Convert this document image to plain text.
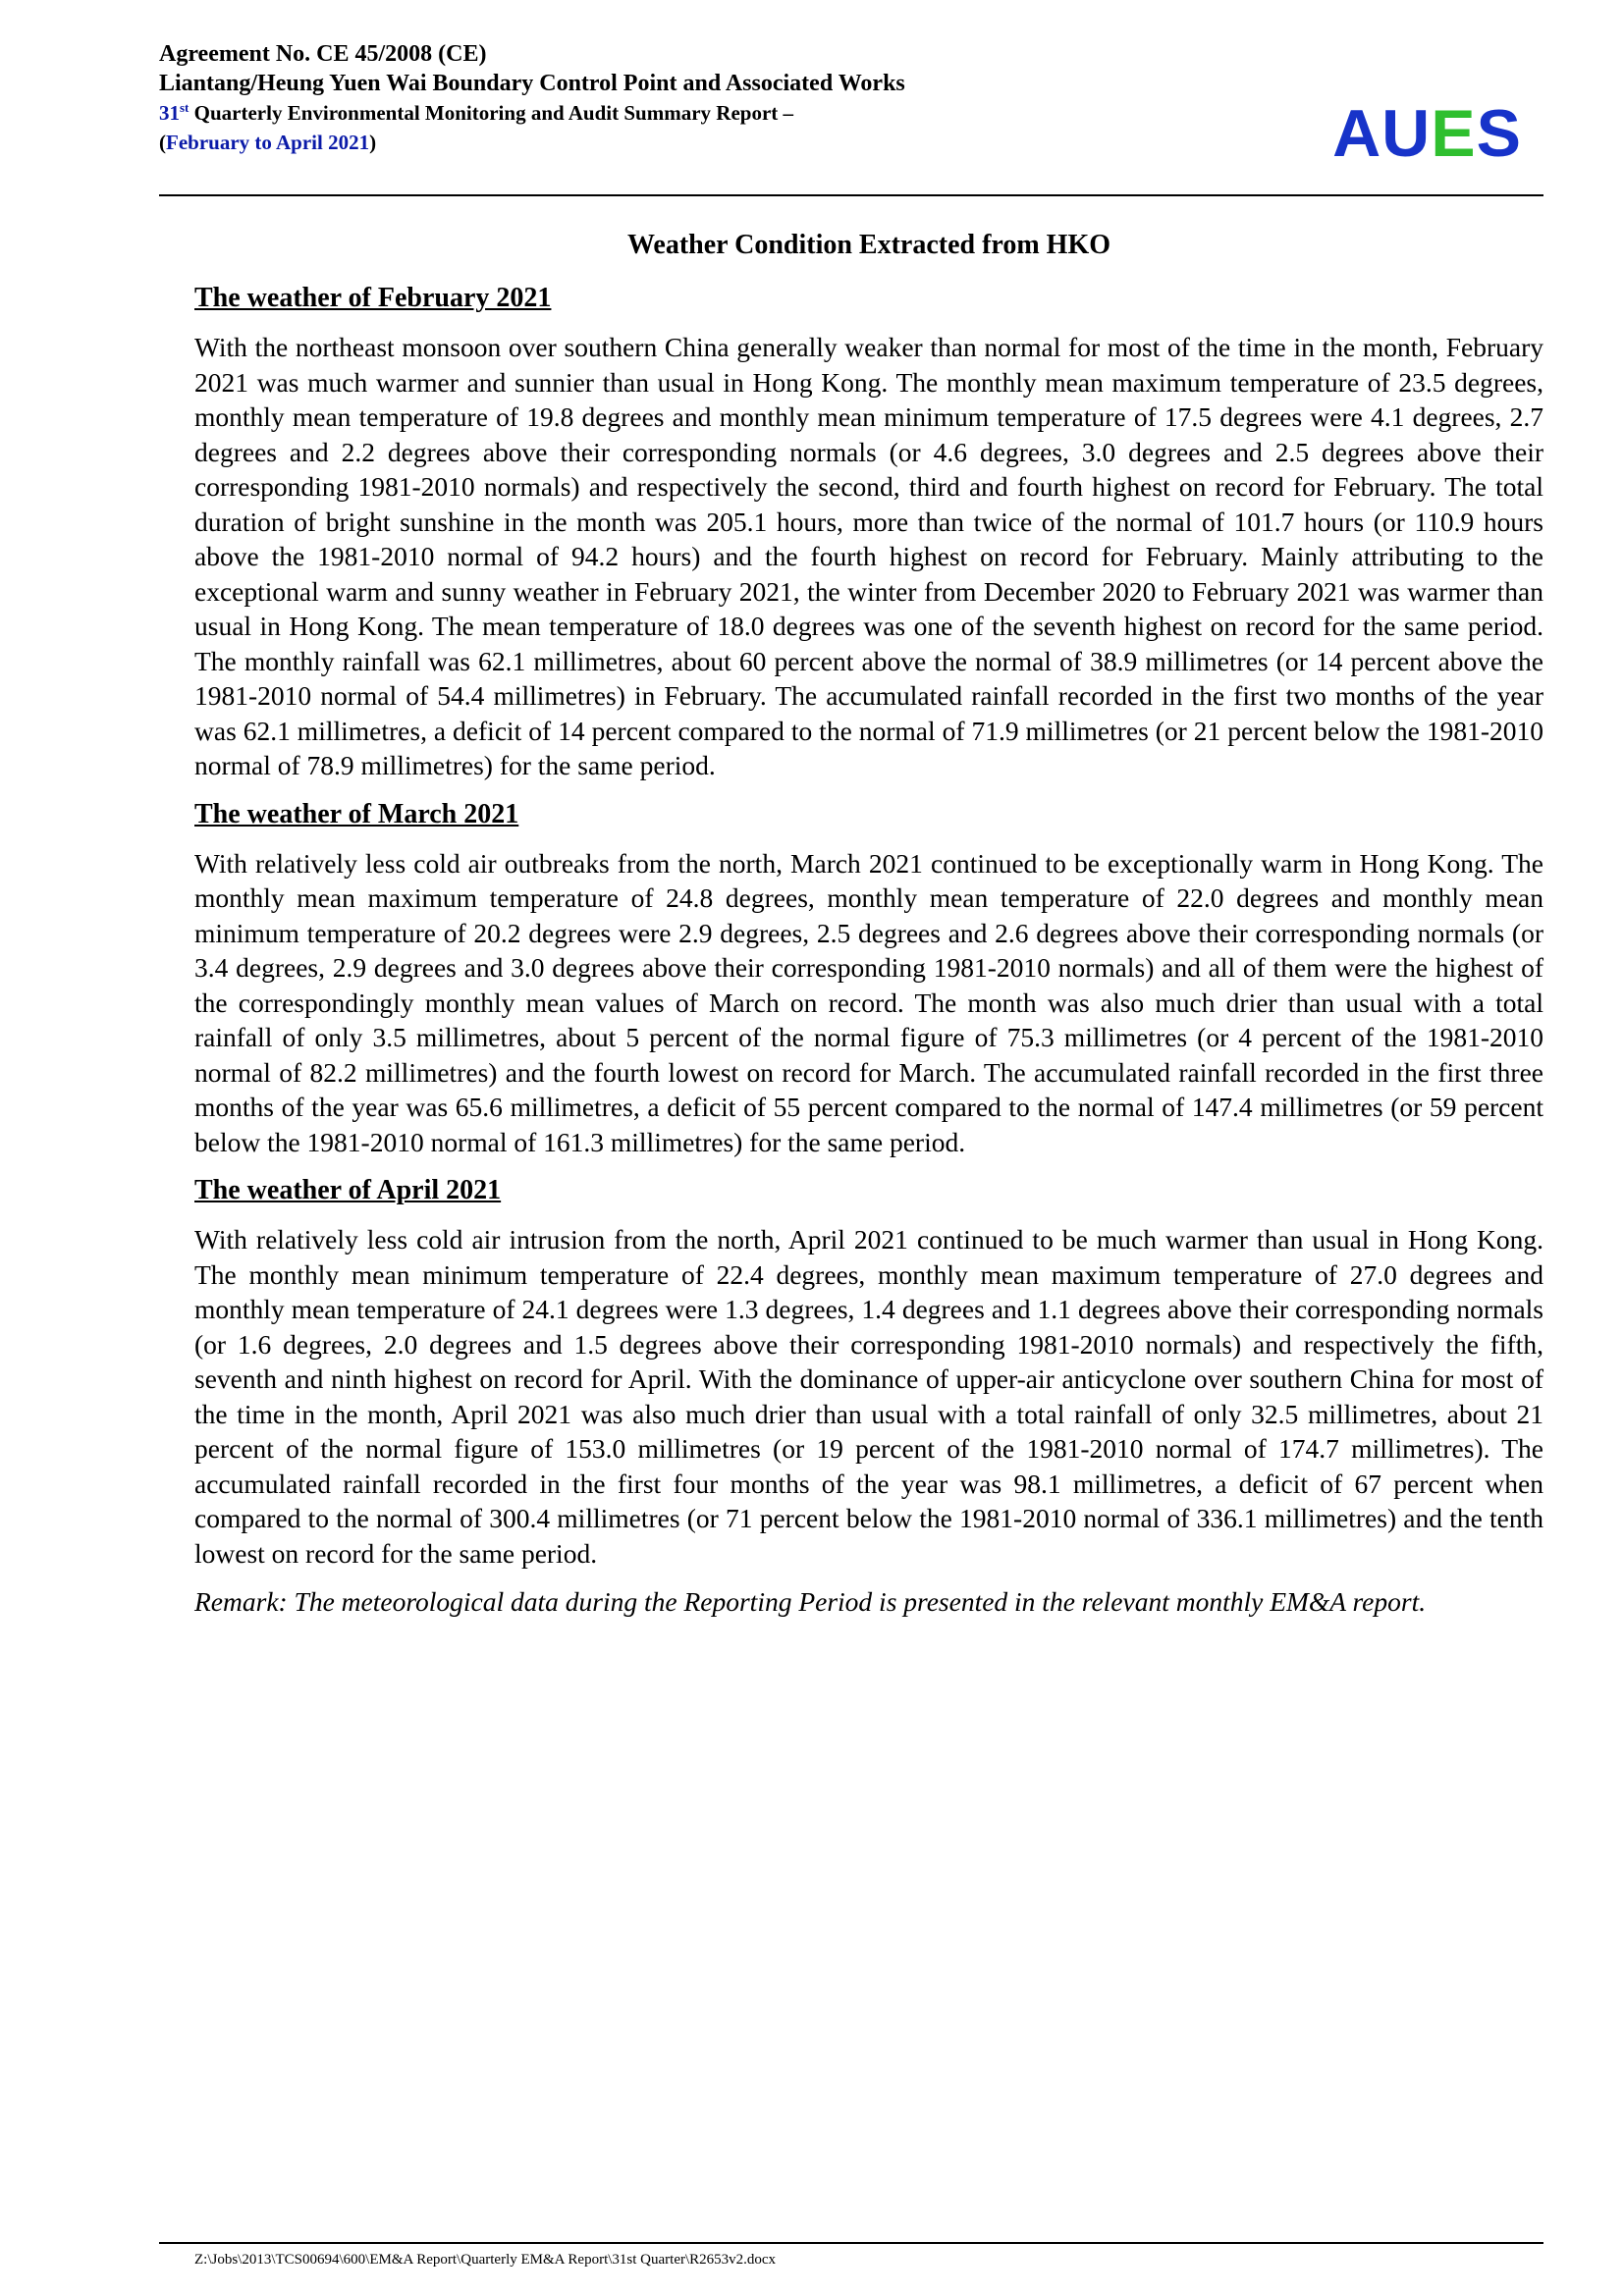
Agreement No. CE 45/2008 (CE)
Liantang/Heung Yuen Wai Boundary Control Point and Associated Works
31st Quarterly Environmental Monitoring and Audit Summary Report –
(February to April 2021)	AUES
Weather Condition Extracted from HKO
The weather of February 2021
With the northeast monsoon over southern China generally weaker than normal for most of the time in the month, February 2021 was much warmer and sunnier than usual in Hong Kong. The monthly mean maximum temperature of 23.5 degrees, monthly mean temperature of 19.8 degrees and monthly mean minimum temperature of 17.5 degrees were 4.1 degrees, 2.7 degrees and 2.2 degrees above their corresponding normals (or 4.6 degrees, 3.0 degrees and 2.5 degrees above their corresponding 1981-2010 normals) and respectively the second, third and fourth highest on record for February. The total duration of bright sunshine in the month was 205.1 hours, more than twice of the normal of 101.7 hours (or 110.9 hours above the 1981-2010 normal of 94.2 hours) and the fourth highest on record for February. Mainly attributing to the exceptional warm and sunny weather in February 2021, the winter from December 2020 to February 2021 was warmer than usual in Hong Kong. The mean temperature of 18.0 degrees was one of the seventh highest on record for the same period. The monthly rainfall was 62.1 millimetres, about 60 percent above the normal of 38.9 millimetres (or 14 percent above the 1981-2010 normal of 54.4 millimetres) in February. The accumulated rainfall recorded in the first two months of the year was 62.1 millimetres, a deficit of 14 percent compared to the normal of 71.9 millimetres (or 21 percent below the 1981-2010 normal of 78.9 millimetres) for the same period.
The weather of March 2021
With relatively less cold air outbreaks from the north, March 2021 continued to be exceptionally warm in Hong Kong. The monthly mean maximum temperature of 24.8 degrees, monthly mean temperature of 22.0 degrees and monthly mean minimum temperature of 20.2 degrees were 2.9 degrees, 2.5 degrees and 2.6 degrees above their corresponding normals (or 3.4 degrees, 2.9 degrees and 3.0 degrees above their corresponding 1981-2010 normals) and all of them were the highest of the correspondingly monthly mean values of March on record. The month was also much drier than usual with a total rainfall of only 3.5 millimetres, about 5 percent of the normal figure of 75.3 millimetres (or 4 percent of the 1981-2010 normal of 82.2 millimetres) and the fourth lowest on record for March. The accumulated rainfall recorded in the first three months of the year was 65.6 millimetres, a deficit of 55 percent compared to the normal of 147.4 millimetres (or 59 percent below the 1981-2010 normal of 161.3 millimetres) for the same period.
The weather of April 2021
With relatively less cold air intrusion from the north, April 2021 continued to be much warmer than usual in Hong Kong. The monthly mean minimum temperature of 22.4 degrees, monthly mean maximum temperature of 27.0 degrees and monthly mean temperature of 24.1 degrees were 1.3 degrees, 1.4 degrees and 1.1 degrees above their corresponding normals (or 1.6 degrees, 2.0 degrees and 1.5 degrees above their corresponding 1981-2010 normals) and respectively the fifth, seventh and ninth highest on record for April. With the dominance of upper-air anticyclone over southern China for most of the time in the month, April 2021 was also much drier than usual with a total rainfall of only 32.5 millimetres, about 21 percent of the normal figure of 153.0 millimetres (or 19 percent of the 1981-2010 normal of 174.7 millimetres). The accumulated rainfall recorded in the first four months of the year was 98.1 millimetres, a deficit of 67 percent when compared to the normal of 300.4 millimetres (or 71 percent below the 1981-2010 normal of 336.1 millimetres) and the tenth lowest on record for the same period.
Remark: The meteorological data during the Reporting Period is presented in the relevant monthly EM&A report.
Z:\Jobs\2013\TCS00694\600\EM&A Report\Quarterly EM&A Report\31st Quarter\R2653v2.docx
